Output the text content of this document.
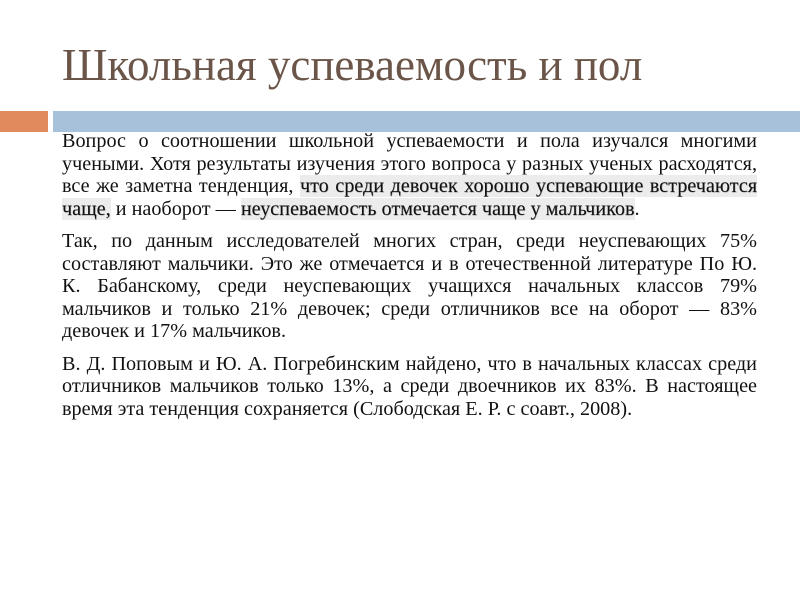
Школьная успеваемость и пол

Вопрос о соотношении школьной успеваемости и пола изучался многими учеными. Хотя результаты изучения этого вопроса у разных ученых расходятся, все же заметна тенденция, что среди девочек хорошо успевающие встречаются чаще, и наоборот — неуспеваемость отмечается чаще у мальчиков.

Так, по данным исследователей многих стран, среди неуспевающих 75% составляют мальчики. Это же отмечается и в отечественной литературе По Ю. К. Бабанскому, среди неуспевающих учащихся начальных классов 79% мальчиков и только 21% девочек; среди отличников все на оборот — 83% девочек и 17% мальчиков.

В. Д. Поповым и Ю. А. Погребинским найдено, что в начальных классах среди отличников мальчиков только 13%, а среди двоечников их 83%. В настоящее время эта тенденция сохраняется (Слободская Е. Р. с соавт., 2008).
